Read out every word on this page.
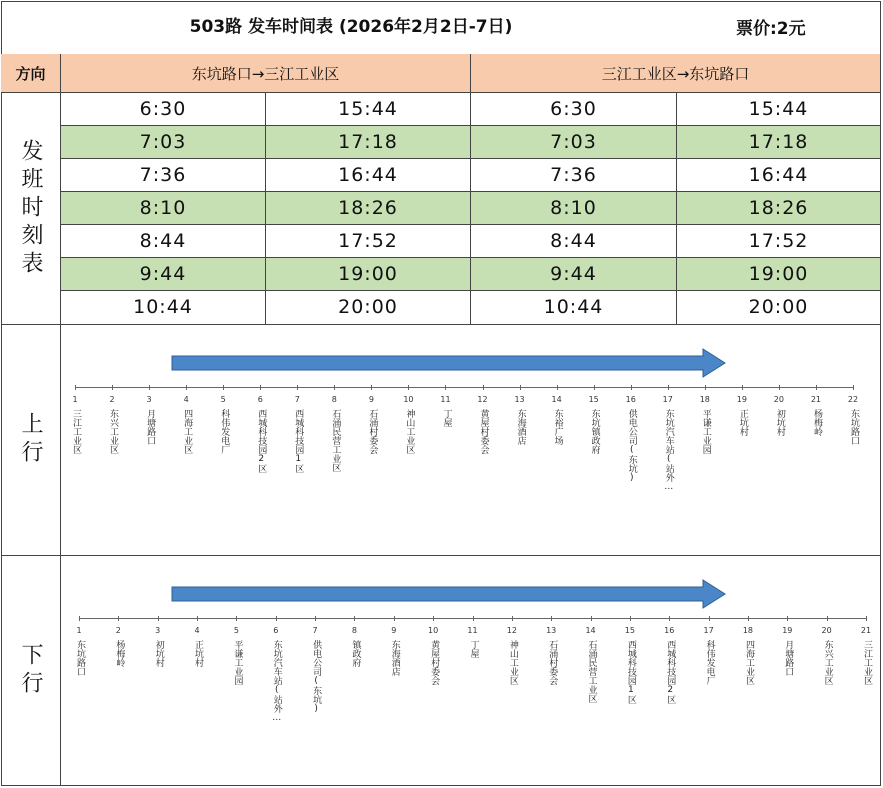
503路 发车时间表 (2026年2月2日-7日)	票价:2元
方向	东坑路口→三江工业区	三江工业区→东坑路口
发班时刻表
6:30	15:44	6:30	15:44
7:03	17:18	7:03	17:18
7:36	16:44	7:36	16:44
8:10	18:26	8:10	18:26
8:44	17:52	8:44	17:52
9:44	19:00	9:44	19:00
10:44	20:00	10:44	20:00
上行
1
三江工业区
2
东兴工业区
3
月塘路口
4
四海工业区
5
科伟发电厂
6
西城科技园2区
7
西城科技园1区
8
石涌民营工业区
9
石涌村委会
10
神山工业区
11
丁屋
12
黄屋村委会
13
东海酒店
14
东裕广场
15
东坑镇政府
16
供电公司(东坑)
17
东坑汽车站(站外…
18
平谦工业园
19
正坑村
20
初坑村
21
杨梅岭
22
东坑路口
下行
1
东坑路口
2
杨梅岭
3
初坑村
4
正坑村
5
平谦工业园
6
东坑汽车站(站外…
7
供电公司(东坑)
8
镇政府
9
东海酒店
10
黄屋村委会
11
丁屋
12
神山工业区
13
石涌村委会
14
石涌民营工业区
15
西城科技园1区
16
西城科技园2区
17
科伟发电厂
18
四海工业区
19
月塘路口
20
东兴工业区
21
三江工业区
